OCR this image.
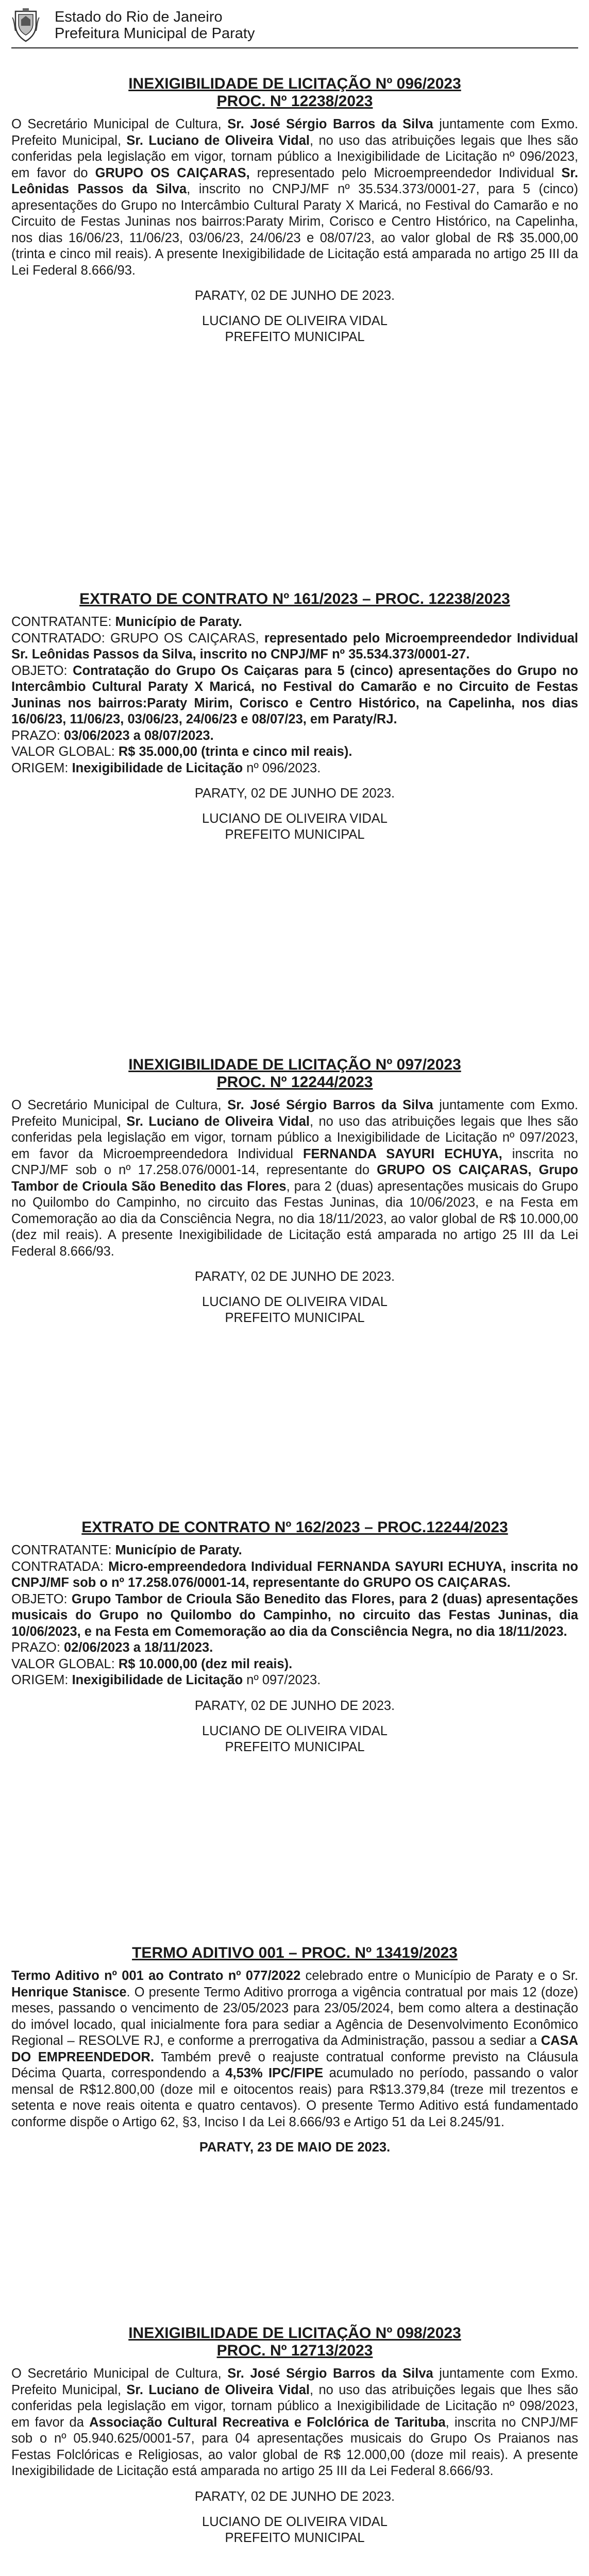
Estado do Rio de Janeiro
Prefeitura Municipal de Paraty
INEXIGIBILIDADE DE LICITAÇÃO Nº 096/2023
PROC. Nº 12238/2023

O Secretário Municipal de Cultura, Sr. José Sérgio Barros da Silva juntamente com Exmo. Prefeito Municipal, Sr. Luciano de Oliveira Vidal, no uso das atribuições legais que lhes são conferidas pela legislação em vigor, tornam público a Inexigibilidade de Licitação nº 096/2023, em favor do GRUPO OS CAIÇARAS, representado pelo Microempreendedor Individual Sr. Leônidas Passos da Silva, inscrito no CNPJ/MF nº 35.534.373/0001-27, para 5 (cinco) apresentações do Grupo no Intercâmbio Cultural Paraty X Maricá, no Festival do Camarão e no Circuito de Festas Juninas nos bairros:Paraty Mirim, Corisco e Centro Histórico, na Capelinha, nos dias 16/06/23, 11/06/23, 03/06/23, 24/06/23 e 08/07/23, ao valor global de R$ 35.000,00 (trinta e cinco mil reais). A presente Inexigibilidade de Licitação está amparada no artigo 25 III da Lei Federal 8.666/93.

PARATY, 02 DE JUNHO DE 2023.

LUCIANO DE OLIVEIRA VIDAL

PREFEITO MUNICIPAL

EXTRATO DE CONTRATO Nº 161/2023 – PROC. 12238/2023

CONTRATANTE: Município de Paraty.

CONTRATADO: GRUPO OS CAIÇARAS, representado pelo Microempreendedor Individual Sr. Leônidas Passos da Silva, inscrito no CNPJ/MF nº 35.534.373/0001-27.

OBJETO: Contratação do Grupo Os Caiçaras para 5 (cinco) apresentações do Grupo no Intercâmbio Cultural Paraty X Maricá, no Festival do Camarão e no Circuito de Festas Juninas nos bairros:Paraty Mirim, Corisco e Centro Histórico, na Capelinha, nos dias 16/06/23, 11/06/23, 03/06/23, 24/06/23 e 08/07/23, em Paraty/RJ.

PRAZO: 03/06/2023 a 08/07/2023.

VALOR GLOBAL: R$ 35.000,00 (trinta e cinco mil reais).

ORIGEM: Inexigibilidade de Licitação nº 096/2023.

PARATY, 02 DE JUNHO DE 2023.

LUCIANO DE OLIVEIRA VIDAL

PREFEITO MUNICIPAL

INEXIGIBILIDADE DE LICITAÇÃO Nº 097/2023
PROC. Nº 12244/2023

O Secretário Municipal de Cultura, Sr. José Sérgio Barros da Silva juntamente com Exmo. Prefeito Municipal, Sr. Luciano de Oliveira Vidal, no uso das atribuições legais que lhes são conferidas pela legislação em vigor, tornam público a Inexigibilidade de Licitação nº 097/2023, em favor da Microempreendedora Individual FERNANDA SAYURI ECHUYA, inscrita no CNPJ/MF sob o nº 17.258.076/0001-14, representante do GRUPO OS CAIÇARAS, Grupo Tambor de Crioula São Benedito das Flores, para 2 (duas) apresentações musicais do Grupo no Quilombo do Campinho, no circuito das Festas Juninas, dia 10/06/2023, e na Festa em Comemoração ao dia da Consciência Negra, no dia 18/11/2023, ao valor global de R$ 10.000,00 (dez mil reais). A presente Inexigibilidade de Licitação está amparada no artigo 25 III da Lei Federal 8.666/93.

PARATY, 02 DE JUNHO DE 2023.

LUCIANO DE OLIVEIRA VIDAL

PREFEITO MUNICIPAL

EXTRATO DE CONTRATO Nº 162/2023 – PROC.12244/2023

CONTRATANTE: Município de Paraty.

CONTRATADA: Micro-empreendedora Individual FERNANDA SAYURI ECHUYA, inscrita no CNPJ/MF sob o nº 17.258.076/0001-14, representante do GRUPO OS CAIÇARAS.

OBJETO: Grupo Tambor de Crioula São Benedito das Flores, para 2 (duas) apresentações musicais do Grupo no Quilombo do Campinho, no circuito das Festas Juninas, dia 10/06/2023, e na Festa em Comemoração ao dia da Consciência Negra, no dia 18/11/2023.

PRAZO: 02/06/2023 a 18/11/2023.

VALOR GLOBAL: R$ 10.000,00 (dez mil reais).

ORIGEM: Inexigibilidade de Licitação nº 097/2023.

PARATY, 02 DE JUNHO DE 2023.

LUCIANO DE OLIVEIRA VIDAL

PREFEITO MUNICIPAL

TERMO ADITIVO 001 – PROC. Nº 13419/2023

Termo Aditivo nº 001 ao Contrato nº 077/2022 celebrado entre o Município de Paraty e o Sr. Henrique Stanisce. O presente Termo Aditivo prorroga a vigência contratual por mais 12 (doze) meses, passando o vencimento de 23/05/2023 para 23/05/2024, bem como altera a destinação do imóvel locado, qual inicialmente fora para sediar a Agência de Desenvolvimento Econômico Regional – RESOLVE RJ, e conforme a prerrogativa da Administração, passou a sediar a CASA DO EMPREENDEDOR. Também prevê o reajuste contratual conforme previsto na Cláusula Décima Quarta, correspondendo a 4,53% IPC/FIPE acumulado no período, passando o valor mensal de R$12.800,00 (doze mil e oitocentos reais) para R$13.379,84 (treze mil trezentos e setenta e nove reais oitenta e quatro centavos). O presente Termo Aditivo está fundamentado conforme dispõe o Artigo 62, §3, Inciso I da Lei 8.666/93 e Artigo 51 da Lei 8.245/91.

PARATY, 23 DE MAIO DE 2023.

INEXIGIBILIDADE DE LICITAÇÃO Nº 098/2023
PROC. Nº 12713/2023

O Secretário Municipal de Cultura, Sr. José Sérgio Barros da Silva juntamente com Exmo. Prefeito Municipal, Sr. Luciano de Oliveira Vidal, no uso das atribuições legais que lhes são conferidas pela legislação em vigor, tornam público a Inexigibilidade de Licitação nº 098/2023, em favor da Associação Cultural Recreativa e Folclórica de Tarituba, inscrita no CNPJ/MF sob o nº 05.940.625/0001-57, para 04 apresentações musicais do Grupo Os Praianos nas Festas Folclóricas e Religiosas, ao valor global de R$ 12.000,00 (doze mil reais). A presente Inexigibilidade de Licitação está amparada no artigo 25 III da Lei Federal 8.666/93.

PARATY, 02 DE JUNHO DE 2023.

LUCIANO DE OLIVEIRA VIDAL

PREFEITO MUNICIPAL
